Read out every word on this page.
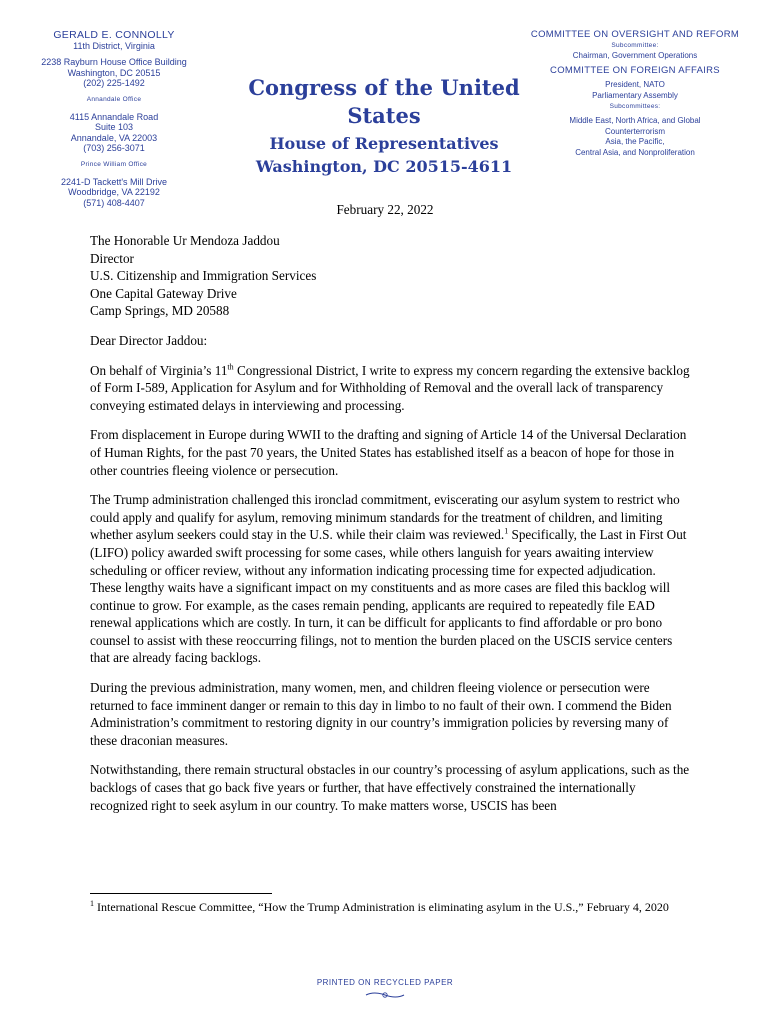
GERALD E. CONNOLLY
11th District, Virginia
2238 Rayburn House Office Building
Washington, DC 20515
(202) 225-1492
Annandale Office
4115 Annandale Road
Suite 103
Annandale, VA 22003
(703) 256-3071
Prince William Office
2241-D Tackett's Mill Drive
Woodbridge, VA 22192
(571) 408-4407
Congress of the United States
House of Representatives
Washington, DC 20515-4611
COMMITTEE ON OVERSIGHT AND REFORM
Subcommittee:
Chairman, Government Operations
COMMITTEE ON FOREIGN AFFAIRS
President, NATO
Parliamentary Assembly
Subcommittees:
Middle East, North Africa, and Global
Counterterrorism
Asia, the Pacific,
Central Asia, and Nonproliferation
February 22, 2022

The Honorable Ur Mendoza Jaddou
Director
U.S. Citizenship and Immigration Services
One Capital Gateway Drive
Camp Springs, MD 20588

Dear Director Jaddou:

On behalf of Virginia’s 11th Congressional District, I write to express my concern regarding the extensive backlog of Form I-589, Application for Asylum and for Withholding of Removal and the overall lack of transparency conveying estimated delays in interviewing and processing.

From displacement in Europe during WWII to the drafting and signing of Article 14 of the Universal Declaration of Human Rights, for the past 70 years, the United States has established itself as a beacon of hope for those in other countries fleeing violence or persecution.

The Trump administration challenged this ironclad commitment, eviscerating our asylum system to restrict who could apply and qualify for asylum, removing minimum standards for the treatment of children, and limiting whether asylum seekers could stay in the U.S. while their claim was reviewed.$^1$ Specifically, the Last in First Out (LIFO) policy awarded swift processing for some cases, while others languish for years awaiting interview scheduling or officer review, without any information indicating processing time for expected adjudication. These lengthy waits have a significant impact on my constituents and as more cases are filed this backlog will continue to grow. For example, as the cases remain pending, applicants are required to repeatedly file EAD renewal applications which are costly. In turn, it can be difficult for applicants to find affordable or pro bono counsel to assist with these reoccurring filings, not to mention the burden placed on the USCIS service centers that are already facing backlogs.

During the previous administration, many women, men, and children fleeing violence or persecution were returned to face imminent danger or remain to this day in limbo to no fault of their own. I commend the Biden Administration’s commitment to restoring dignity in our country’s immigration policies by reversing many of these draconian measures.

Notwithstanding, there remain structural obstacles in our country’s processing of asylum applications, such as the backlogs of cases that go back five years or further, that have effectively constrained the internationally recognized right to seek asylum in our country. To make matters worse, USCIS has been

$^1$ International Rescue Committee, “How the Trump Administration is eliminating asylum in the U.S.,” February 4, 2020
PRINTED ON RECYCLED PAPER
